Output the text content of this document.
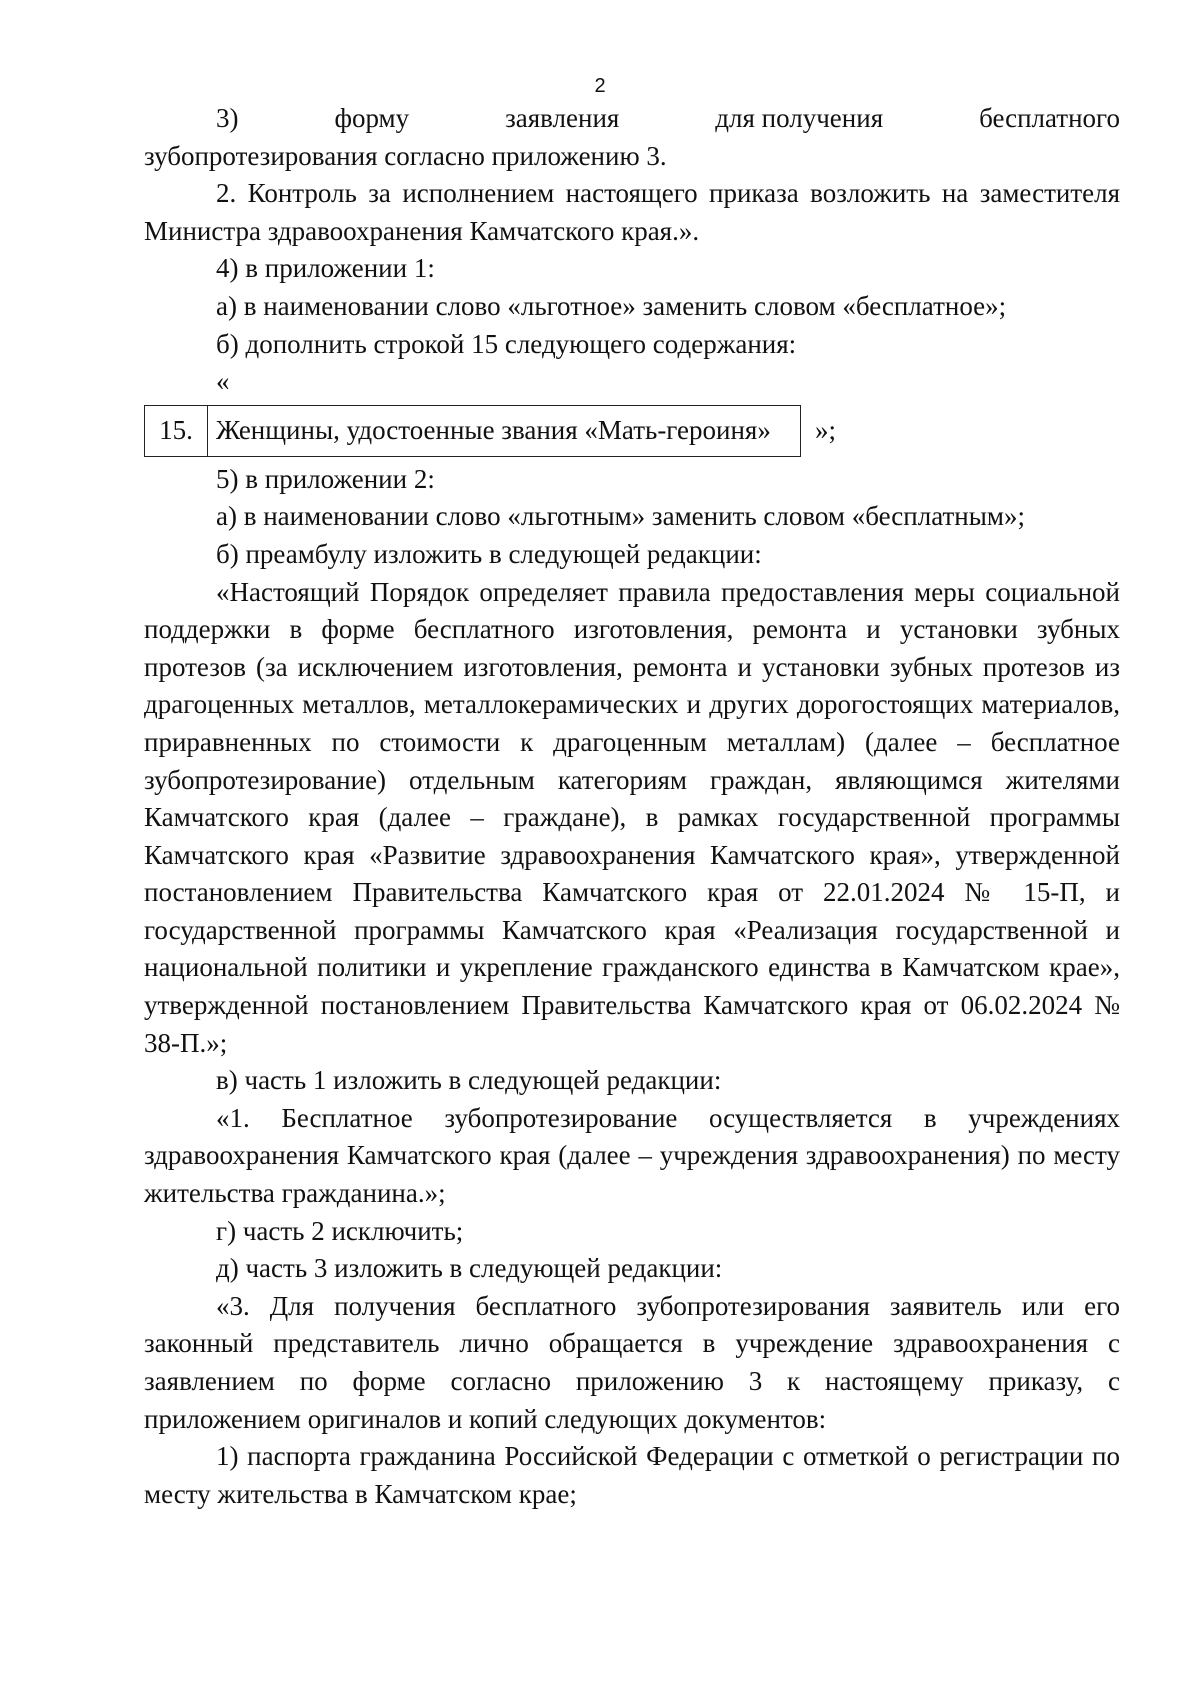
2
3)	форму	заявления	для получения	бесплатного

зубопротезирования согласно приложению 3.

2. Контроль за исполнением настоящего приказа возложить на заместителя Министра здравоохранения Камчатского края.».

4) в приложении 1:

а) в наименовании слово «льготное» заменить словом «бесплатное»;

б) дополнить строкой 15 следующего содержания:

«

15.	Женщины, удостоенные звания «Мать-героиня» »;

5) в приложении 2:

а) в наименовании слово «льготным» заменить словом «бесплатным»;

б) преамбулу изложить в следующей редакции:

«Настоящий Порядок определяет правила предоставления меры социальной поддержки в форме бесплатного изготовления, ремонта и установки зубных протезов (за исключением изготовления, ремонта и установки зубных протезов из драгоценных металлов, металлокерамических и других дорогостоящих материалов, приравненных по стоимости к драгоценным металлам) (далее – бесплатное зубопротезирование) отдельным категориям граждан, являющимся жителями Камчатского края (далее – граждане), в рамках государственной программы Камчатского края «Развитие здравоохранения Камчатского края», утвержденной постановлением Правительства Камчатского края от 22.01.2024 № 15-П, и государственной программы Камчатского края «Реализация государственной и национальной политики и укрепление гражданского единства в Камчатском крае», утвержденной постановлением Правительства Камчатского края от 06.02.2024 № 38-П.»;

в) часть 1 изложить в следующей редакции:

«1. Бесплатное зубопротезирование осуществляется в учреждениях здравоохранения Камчатского края (далее – учреждения здравоохранения) по месту жительства гражданина.»;

г) часть 2 исключить;

д) часть 3 изложить в следующей редакции:

«3. Для получения бесплатного зубопротезирования заявитель или его законный представитель лично обращается в учреждение здравоохранения с заявлением по форме согласно приложению 3 к настоящему приказу, с приложением оригиналов и копий следующих документов:

1) паспорта гражданина Российской Федерации с отметкой о регистрации по месту жительства в Камчатском крае;
